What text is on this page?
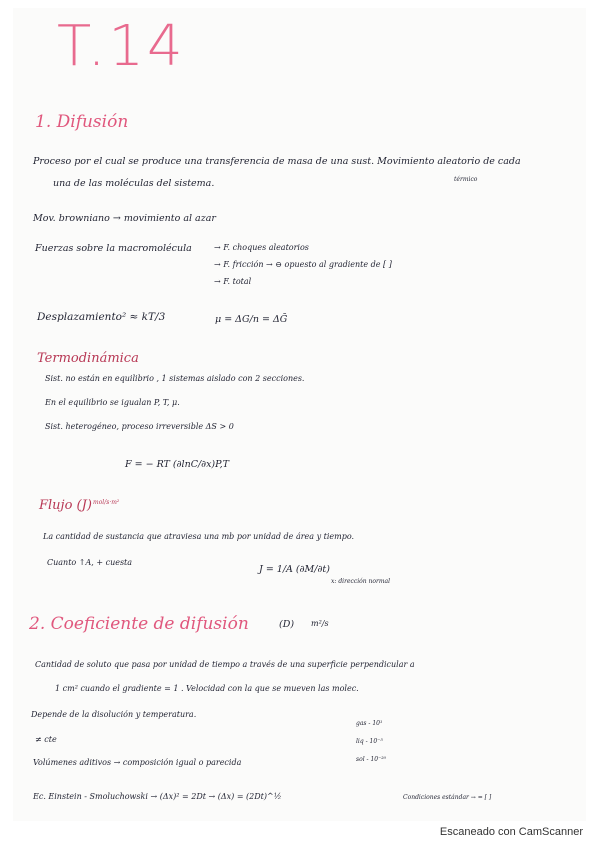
T.14
1. Difusión
Proceso por el cual se produce una transferencia de masa de una sust. Movimiento aleatorio de cada
una de las moléculas del sistema.	térmico
Mov. browniano → movimiento al azar
Fuerzas sobre la macromolécula	→ F. choques aleatorios
→ F. fricción → ⊖ opuesto al gradiente de [ ]
→ F. total
Desplazamiento² ≈ kT/3	μ = ΔG/n = ΔḠ
Termodinámica
Sist. no están en equilibrio , 1 sistemas aislado con 2 secciones.
En el equilibrio se igualan P, T, μ.
Sist. heterogéneo, proceso irreversible ΔS > 0
F = − RT (∂lnC/∂x)P,T
Flujo (J) mol/s·m²
La cantidad de sustancia que atraviesa una mb por unidad de área y tiempo.
Cuanto ↑A, + cuesta
J = 1/A (∂M/∂t)
x: dirección normal
2. Coeficiente de difusión	(D) m²/s
Cantidad de soluto que pasa por unidad de tiempo a través de una superficie perpendicular a
1 cm² cuando el gradiente = 1 . Velocidad con la que se mueven las molec.
Depende de la disolución y temperatura.
≠ cte
Volúmenes aditivos → composición igual o parecida
gas - 10¹
liq - 10⁻⁵
sol - 10⁻²⁰
Ec. Einstein - Smoluchowski → (Δx)² = 2Dt → (Δx) = (2Dt)^½	Condiciones estándar → = [ ]
Escaneado con CamScanner
